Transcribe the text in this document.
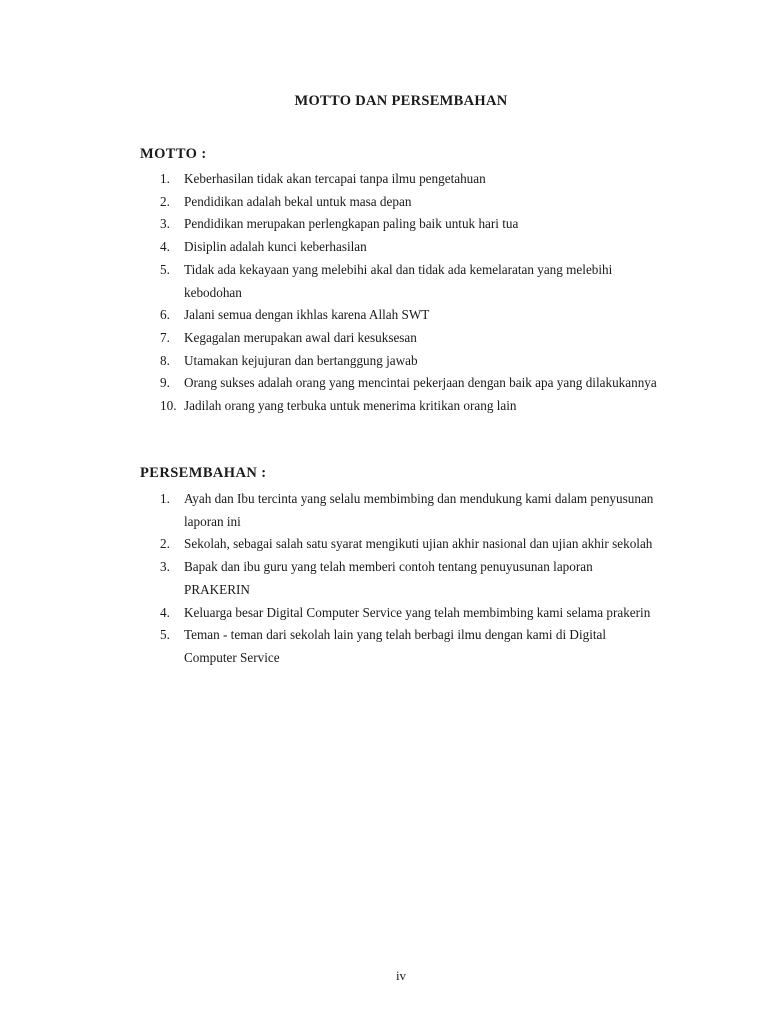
MOTTO DAN PERSEMBAHAN
MOTTO :
1.	Keberhasilan tidak akan tercapai tanpa ilmu pengetahuan
2.	Pendidikan adalah bekal untuk masa depan
3.	Pendidikan merupakan perlengkapan paling baik untuk hari tua
4.	Disiplin adalah kunci keberhasilan
5.	Tidak ada kekayaan yang melebihi akal dan tidak ada kemelaratan yang melebihi kebodohan
6.	Jalani semua dengan ikhlas karena Allah SWT
7.	Kegagalan merupakan awal dari kesuksesan
8.	Utamakan kejujuran dan bertanggung jawab
9.	Orang sukses adalah orang yang mencintai pekerjaan dengan baik apa yang dilakukannya
10. Jadilah orang yang terbuka untuk menerima kritikan orang lain
PERSEMBAHAN :
1.	Ayah dan Ibu tercinta yang selalu membimbing dan mendukung kami dalam penyusunan laporan ini
2.	Sekolah, sebagai salah satu syarat mengikuti ujian akhir nasional dan ujian akhir sekolah
3.	Bapak dan ibu guru yang telah memberi contoh tentang penuyusunan laporan PRAKERIN
4.	Keluarga besar Digital Computer Service yang telah membimbing kami selama prakerin
5.	Teman - teman dari sekolah lain yang telah berbagi ilmu dengan kami di Digital Computer Service

iv
